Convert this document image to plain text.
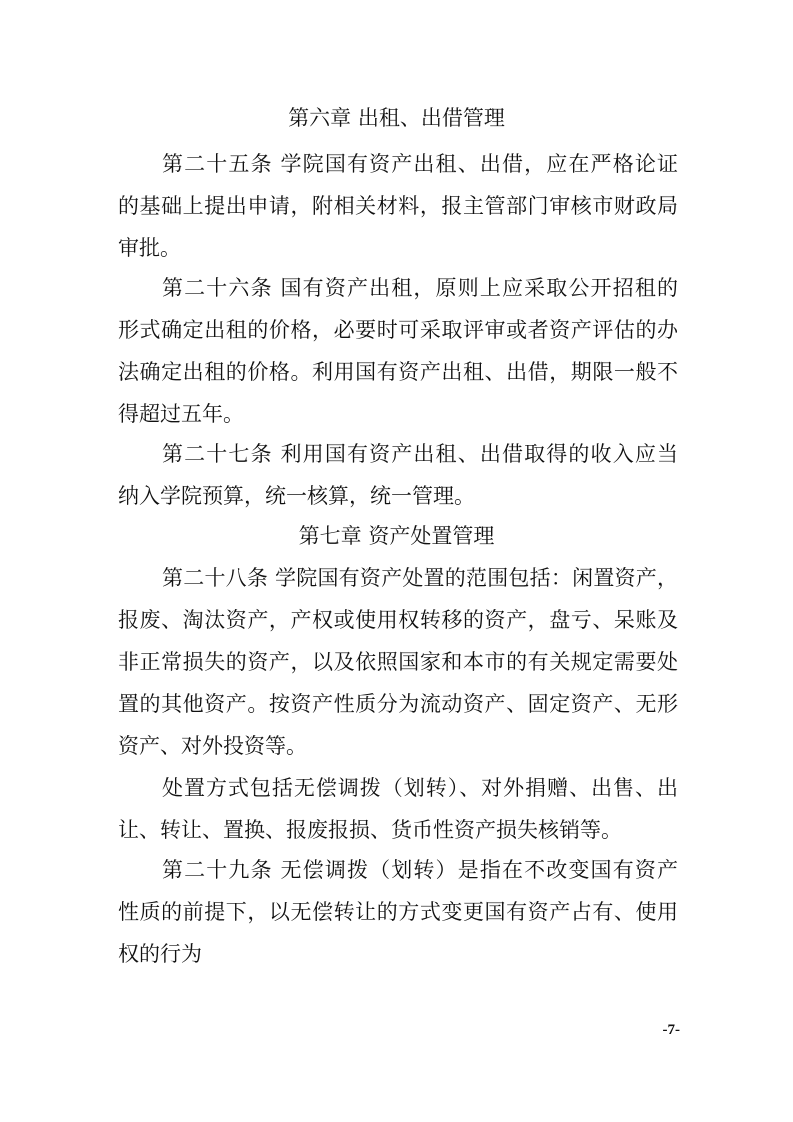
第六章 出租、出借管理
第二十五条 学院国有资产出租、出借，应在严格论证
的基础上提出申请，附相关材料，报主管部门审核市财政局
审批。
第二十六条 国有资产出租，原则上应采取公开招租的
形式确定出租的价格，必要时可采取评审或者资产评估的办
法确定出租的价格。利用国有资产出租、出借，期限一般不
得超过五年。
第二十七条 利用国有资产出租、出借取得的收入应当
纳入学院预算，统一核算，统一管理。
第七章 资产处置管理
第二十八条 学院国有资产处置的范围包括：闲置资产，
报废、淘汰资产，产权或使用权转移的资产，盘亏、呆账及
非正常损失的资产，以及依照国家和本市的有关规定需要处
置的其他资产。按资产性质分为流动资产、固定资产、无形
资产、对外投资等。
处置方式包括无偿调拨（划转）、对外捐赠、出售、出
让、转让、置换、报废报损、货币性资产损失核销等。
第二十九条 无偿调拨（划转）是指在不改变国有资产
性质的前提下，以无偿转让的方式变更国有资产占有、使用
权的行为
-7-
